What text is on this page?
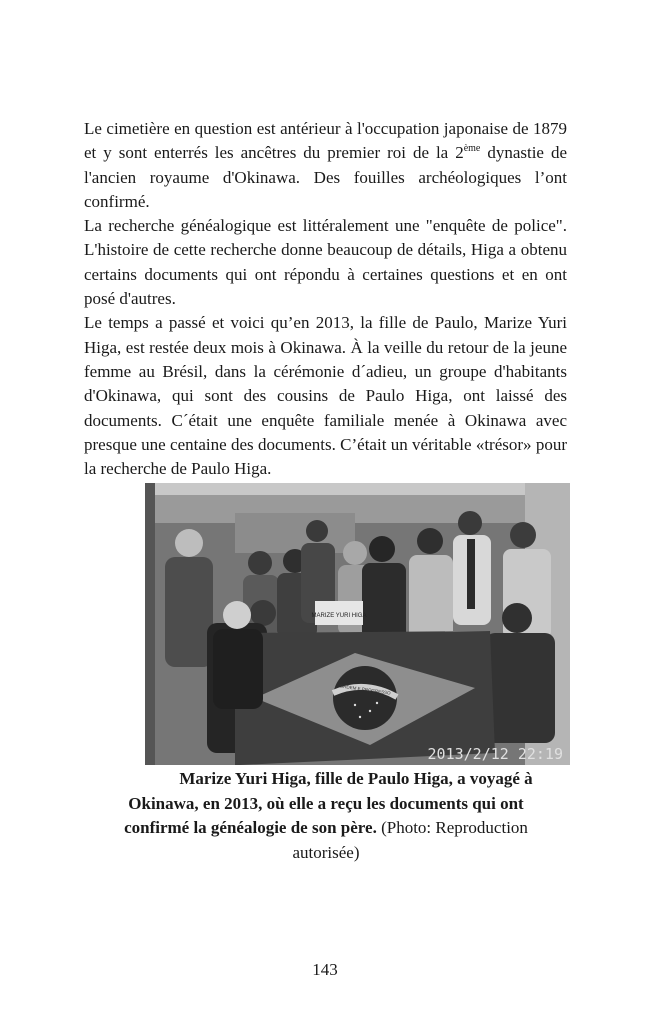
Le cimetière en question est antérieur à l'occupation japonaise de 1879 et y sont enterrés les ancêtres du premier roi de la 2ème dynastie de l'ancien royaume d'Okinawa. Des fouilles archéologiques l’ont confirmé.

La recherche généalogique est littéralement une "enquête de police". L'histoire de cette recherche donne beaucoup de détails, Higa a obtenu certains documents qui ont répondu à certaines questions et en ont posé d'autres.

Le temps a passé et voici qu’en 2013, la fille de Paulo, Marize Yuri Higa, est restée deux mois à Okinawa. À la veille du retour de la jeune femme au Brésil, dans la cérémonie d´adieu, un groupe d'habitants d'Okinawa, qui sont des cousins de Paulo Higa, ont laissé des documents. C´était une enquête familiale menée à Okinawa avec presque une centaine des documents. C’était un véritable «trésor» pour la recherche de Paulo Higa.

MARIZE YURI HIGA
ORDEM E PROGRESSO
2013/2/12 22:19
Marize Yuri Higa, fille de Paulo Higa, a voyagé à
Okinawa, en 2013, où elle a reçu les documents qui ont confirmé la généalogie de son père. (Photo: Reproduction autorisée)
143
